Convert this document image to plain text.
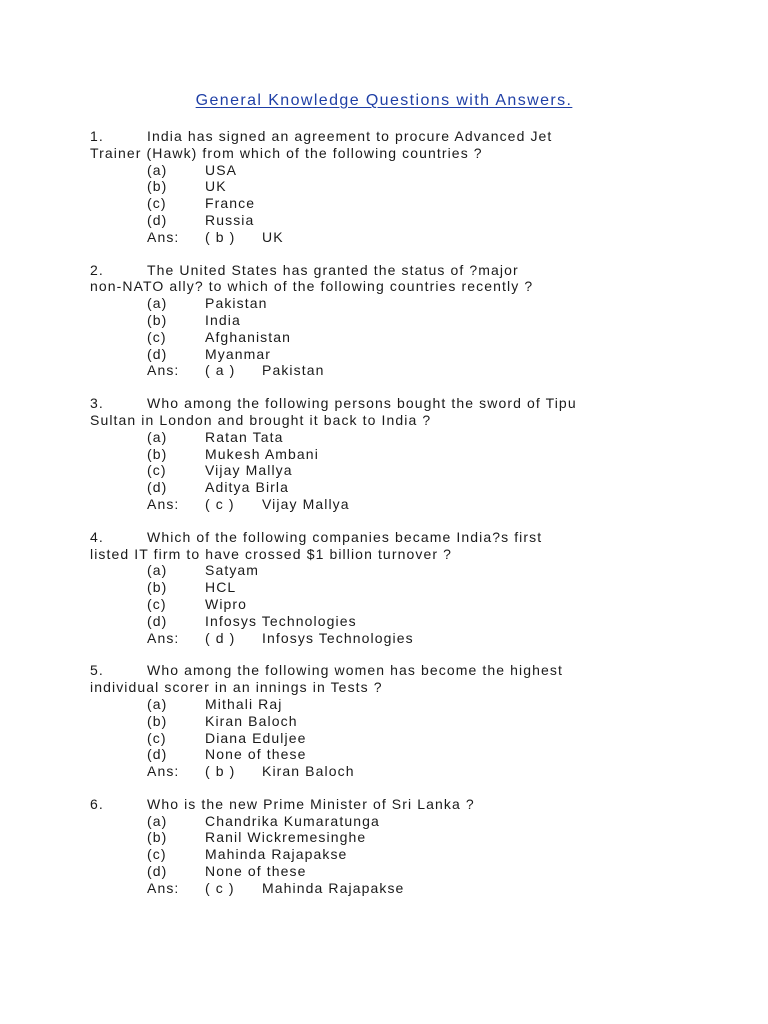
General Knowledge Questions with Answers.
1.	India has signed an agreement to procure Advanced Jet
Trainer (Hawk) from which of the following countries ?
(a)	USA
(b)	UK
(c)	France
(d)	Russia
Ans: ( b ) UK
2.	The United States has granted the status of ?major
non-NATO ally? to which of the following countries recently ?
(a)	Pakistan
(b)	India
(c)	Afghanistan
(d)	Myanmar
Ans: ( a ) Pakistan
3.	Who among the following persons bought the sword of Tipu
Sultan in London and brought it back to India ?
(a)	Ratan Tata
(b)	Mukesh Ambani
(c)	Vijay Mallya
(d)	Aditya Birla
Ans: ( c ) Vijay Mallya
4.	Which of the following companies became India?s first
listed IT firm to have crossed $1 billion turnover ?
(a)	Satyam
(b)	HCL
(c)	Wipro
(d)	Infosys Technologies
Ans: ( d ) Infosys Technologies
5.	Who among the following women has become the highest
individual scorer in an innings in Tests ?
(a)	Mithali Raj
(b)	Kiran Baloch
(c)	Diana Eduljee
(d)	None of these
Ans: ( b ) Kiran Baloch
6.	Who is the new Prime Minister of Sri Lanka ?
(a)	Chandrika Kumaratunga
(b)	Ranil Wickremesinghe
(c)	Mahinda Rajapakse
(d)	None of these
Ans: ( c ) Mahinda Rajapakse
